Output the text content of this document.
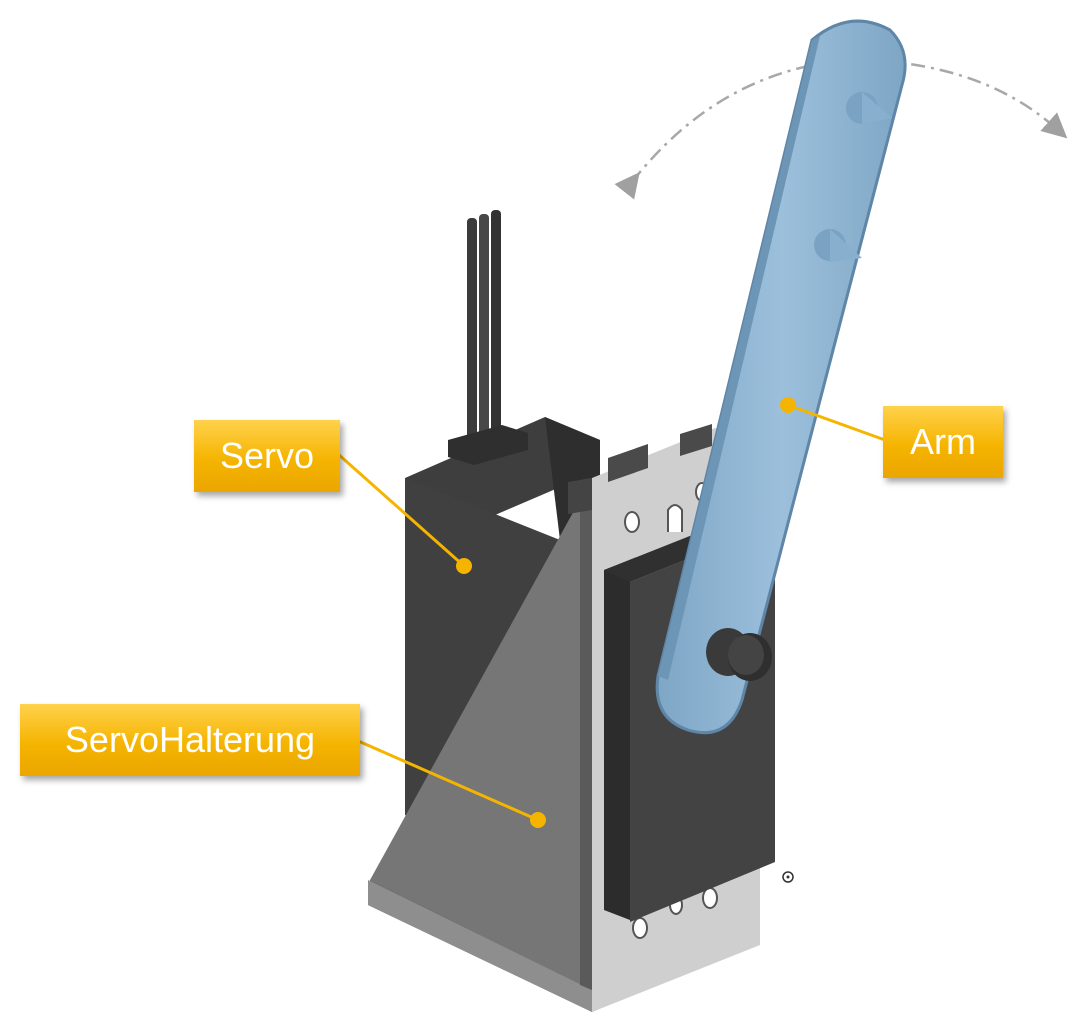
Servo
ServoHalterung
Arm
